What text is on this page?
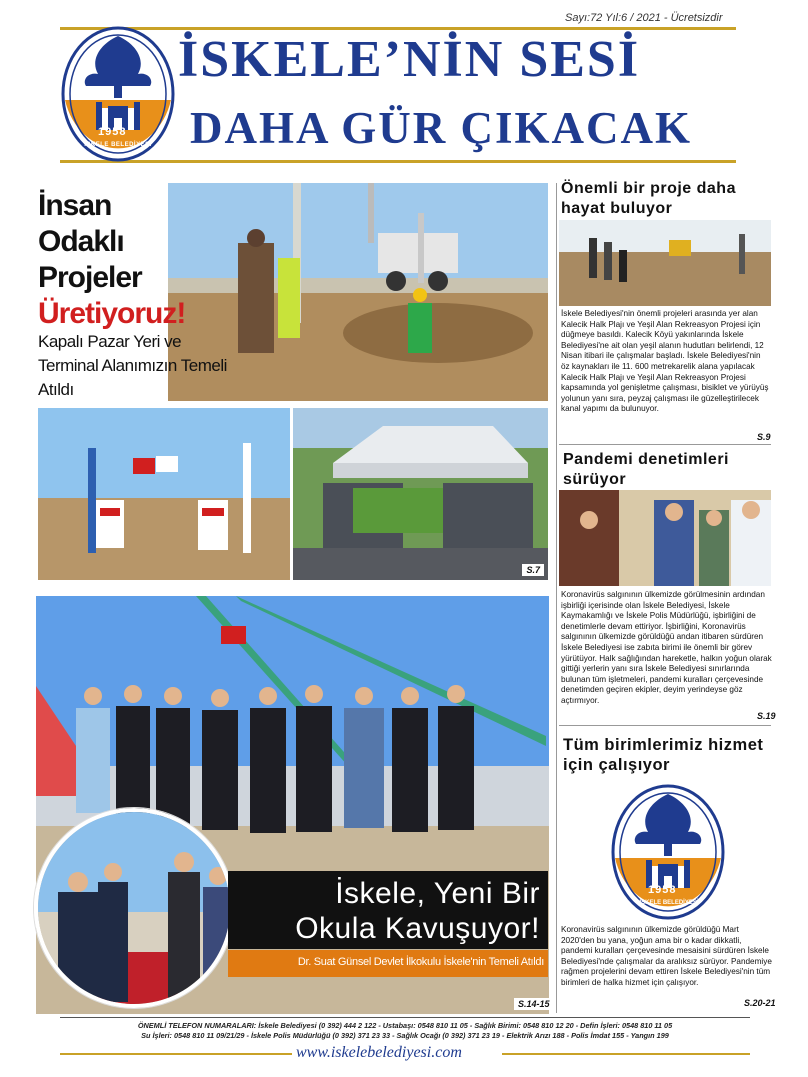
Sayı:72 Yıl:6 / 2021 - Ücretsizdir
1958
İSKELE BELEDİYESİ
İSKELE’NİN SESİ
DAHA GÜR ÇIKACAK
İnsan
Odaklı
Projeler
Üretiyoruz!
Kapalı Pazar Yeri ve Terminal Alanımızın Temeli Atıldı
S.7
İskele, Yeni Bir
Okula Kavuşuyor!
Dr. Suat Günsel Devlet İlkokulu İskele'nin Temeli Atıldı
S.14-15
Önemli bir proje daha hayat buluyor
İskele Belediyesi'nin önemli projeleri arasında yer alan Kalecik Halk Plajı ve Yeşil Alan Rekreasyon Projesi için düğmeye basıldı. Kalecik Köyü yakınlarında İskele Belediyesi'ne ait olan yeşil alanın hudutları belirlendi, 12 Nisan itibari ile çalışmalar başladı. İskele Belediyesi'nin öz kaynakları ile 11. 600 metrekarelik alana yapılacak Kalecik Halk Plajı ve Yeşil Alan Rekreasyon Projesi kapsamında yol genişletme çalışması, bisiklet ve yürüyüş yolunun yanı sıra, peyzaj çalışması ile güzelleştirilecek kanal yapımı da bulunuyor.
S.9
Pandemi denetimleri sürüyor
Koronavirüs salgınının ülkemizde görülmesinin ardından işbirliği içerisinde olan İskele Belediyesi, İskele Kaymakamlığı ve İskele Polis Müdürlüğü, işbirliğini de denetimlerle devam ettiriyor. İşbirliğini, Koronavirüs salgınının ülkemizde görüldüğü andan itibaren sürdüren İskele Belediyesi ise zabıta birimi ile önemli bir görev yürütüyor. Halk sağlığından hareketle, halkın yoğun olarak gittiği yerlerin yanı sıra İskele Belediyesi sınırlarında bulunan tüm işletmeleri, pandemi kuralları çerçevesinde denetimden geçiren ekipler, deyim yerindeyse göz açtırmıyor.
S.19
Tüm birimlerimiz hizmet için çalışıyor
1958
İSKELE BELEDİYESİ
Koronavirüs salgınının ülkemizde görüldüğü Mart 2020'den bu yana, yoğun ama bir o kadar dikkatli, pandemi kuralları çerçevesinde mesaisini sürdüren İskele Belediyesi'nde çalışmalar da aralıksız sürüyor. Pandemiye rağmen projelerini devam ettiren İskele Belediyesi'nin tüm birimleri de halka hizmet için çalışıyor.
S.20-21
ÖNEMLİ TELEFON NUMARALARI: İskele Belediyesi (0 392) 444 2 122 - Ustabaşı: 0548 810 11 05 - Sağlık Birimi: 0548 810 12 20 - Defin İşleri: 0548 810 11 05
Su İşleri: 0548 810 11 09/21/29 - İskele Polis Müdürlüğü (0 392) 371 23 33 - Sağlık Ocağı (0 392) 371 23 19 - Elektrik Arızı 188 - Polis İmdat 155 - Yangın 199
www.iskelebelediyesi.com
